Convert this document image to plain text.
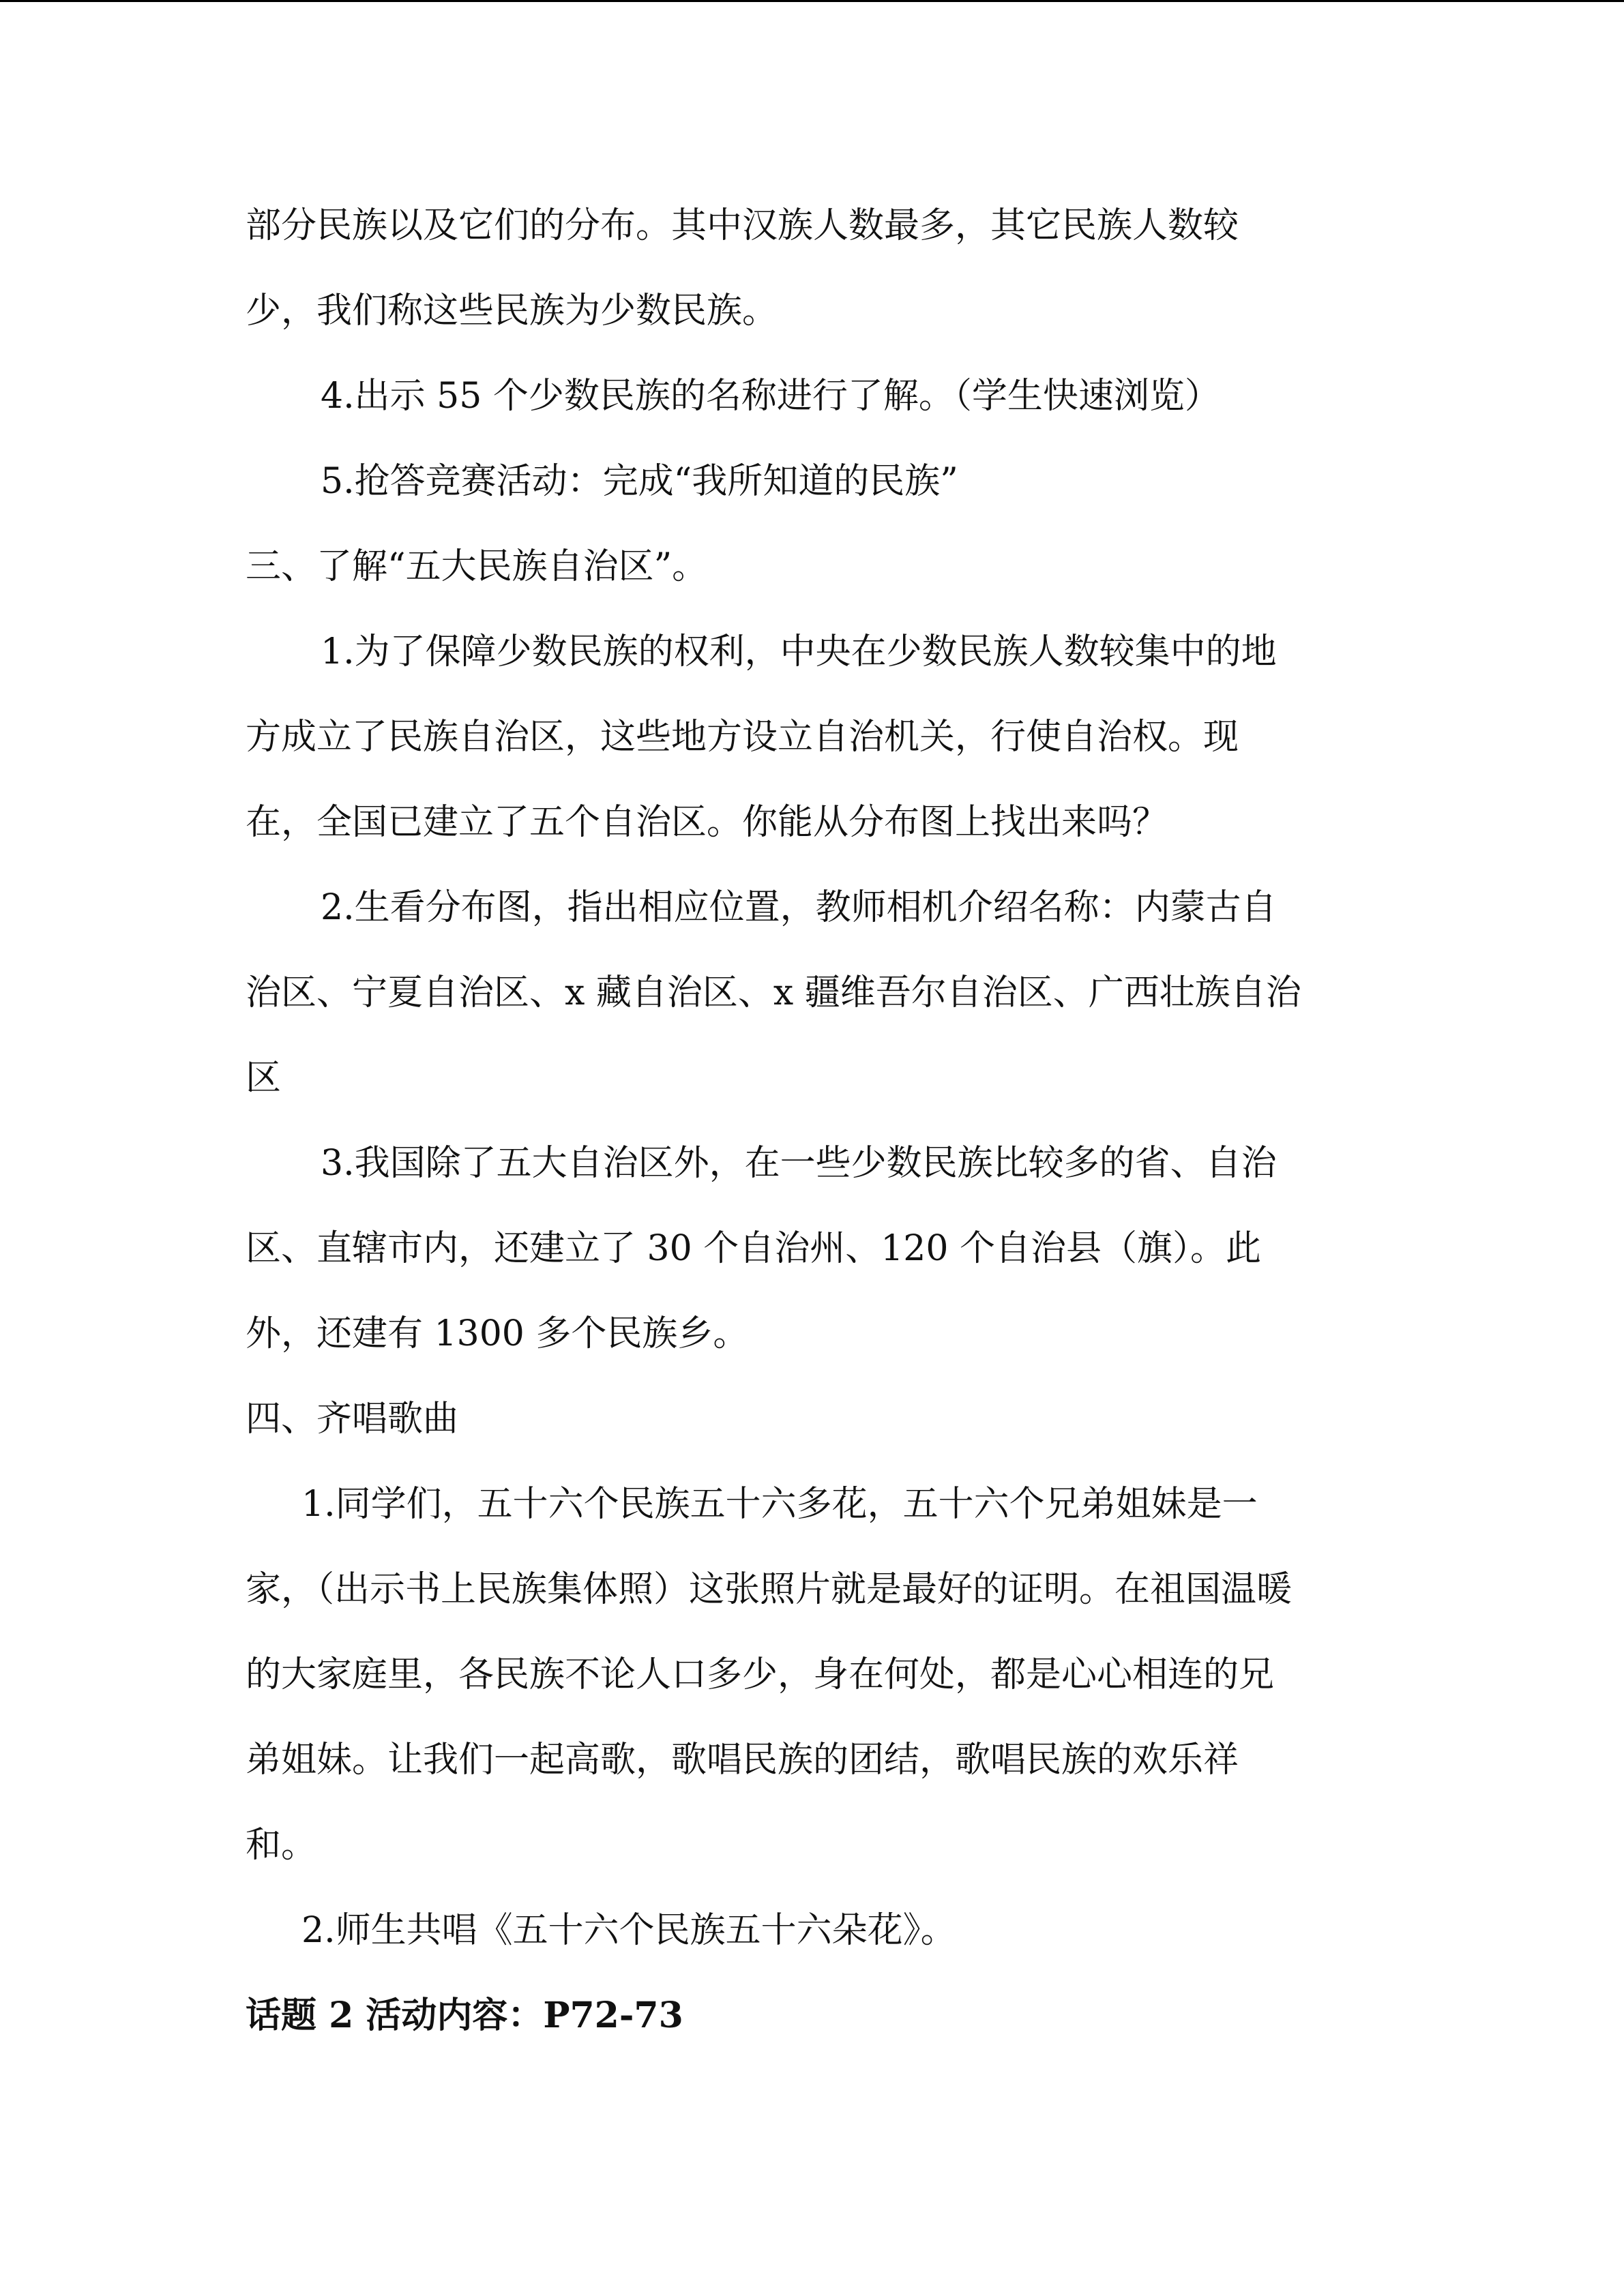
部分民族以及它们的分布。其中汉族人数最多，其它民族人数较
少，我们称这些民族为少数民族。
4.出示 55 个少数民族的名称进行了解。（学生快速浏览）
5.抢答竞赛活动：完成“我所知道的民族”
三、了解“五大民族自治区”。
1.为了保障少数民族的权利，中央在少数民族人数较集中的地
方成立了民族自治区，这些地方设立自治机关，行使自治权。现
在，全国已建立了五个自治区。你能从分布图上找出来吗？
2.生看分布图，指出相应位置，教师相机介绍名称：内蒙古自
治区、宁夏自治区、x 藏自治区、x 疆维吾尔自治区、广西壮族自治
区
3.我国除了五大自治区外，在一些少数民族比较多的省、自治
区、直辖市内，还建立了 30 个自治州、120 个自治县（旗）。此
外，还建有 1300 多个民族乡。
四、齐唱歌曲
1.同学们，五十六个民族五十六多花，五十六个兄弟姐妹是一
家，（出示书上民族集体照）这张照片就是最好的证明。在祖国温暖
的大家庭里，各民族不论人口多少，身在何处，都是心心相连的兄
弟姐妹。让我们一起高歌，歌唱民族的团结，歌唱民族的欢乐祥
和。
2.师生共唱《五十六个民族五十六朵花》。
话题 2 活动内容：P72-73
